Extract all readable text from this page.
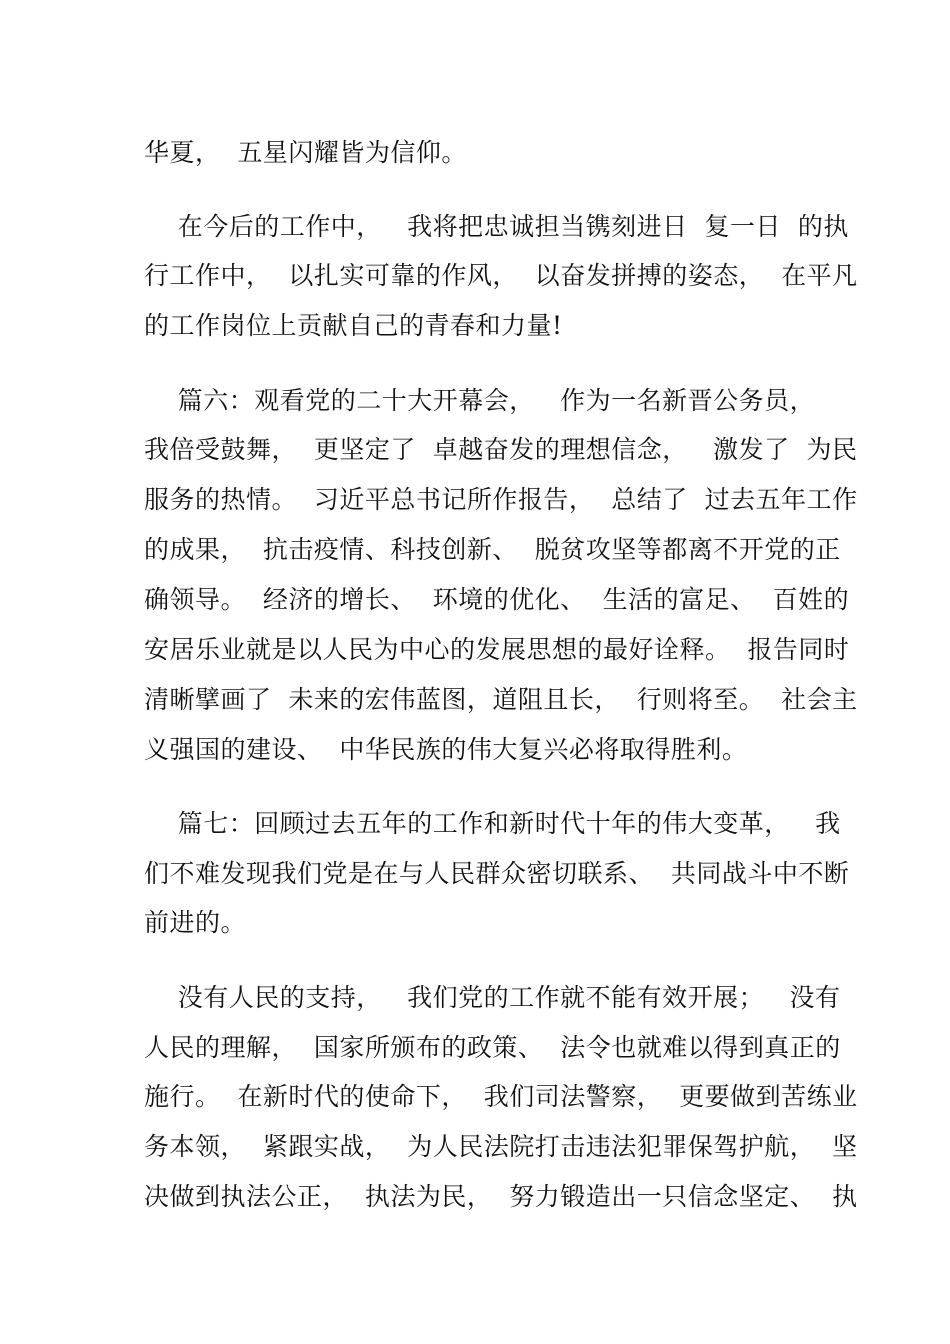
华夏，  五星闪耀皆为信仰。
在今后的工作中，   我将把忠诚担当镌刻进日  复一日  的执
行工作中，  以扎实可靠的作风，  以奋发拼搏的姿态，  在平凡
的工作岗位上贡献自己的青春和力量!
篇六：观看党的二十大开幕会，   作为一名新晋公务员，
我倍受鼓舞，  更坚定了  卓越奋发的理想信念，   激发了  为民
服务的热情。  习近平总书记所作报告，  总结了  过去五年工作
的成果，  抗击疫情、科技创新、  脱贫攻坚等都离不开党的正
确领导。  经济的增长、  环境的优化、  生活的富足、  百姓的
安居乐业就是以人民为中心的发展思想的最好诠释。  报告同时
清晰擘画了  未来的宏伟蓝图，道阻且长，  行则将至。  社会主
义强国的建设、  中华民族的伟大复兴必将取得胜利。
篇七：回顾过去五年的工作和新时代十年的伟大变革，   我
们不难发现我们党是在与人民群众密切联系、  共同战斗中不断
前进的。
没有人民的支持，   我们党的工作就不能有效开展；   没有
人民的理解，  国家所颁布的政策、  法令也就难以得到真正的
施行。  在新时代的使命下，  我们司法警察，  更要做到苦练业
务本领，  紧跟实战，  为人民法院打击违法犯罪保驾护航，  坚
决做到执法公正，  执法为民，  努力锻造出一只信念坚定、  执
